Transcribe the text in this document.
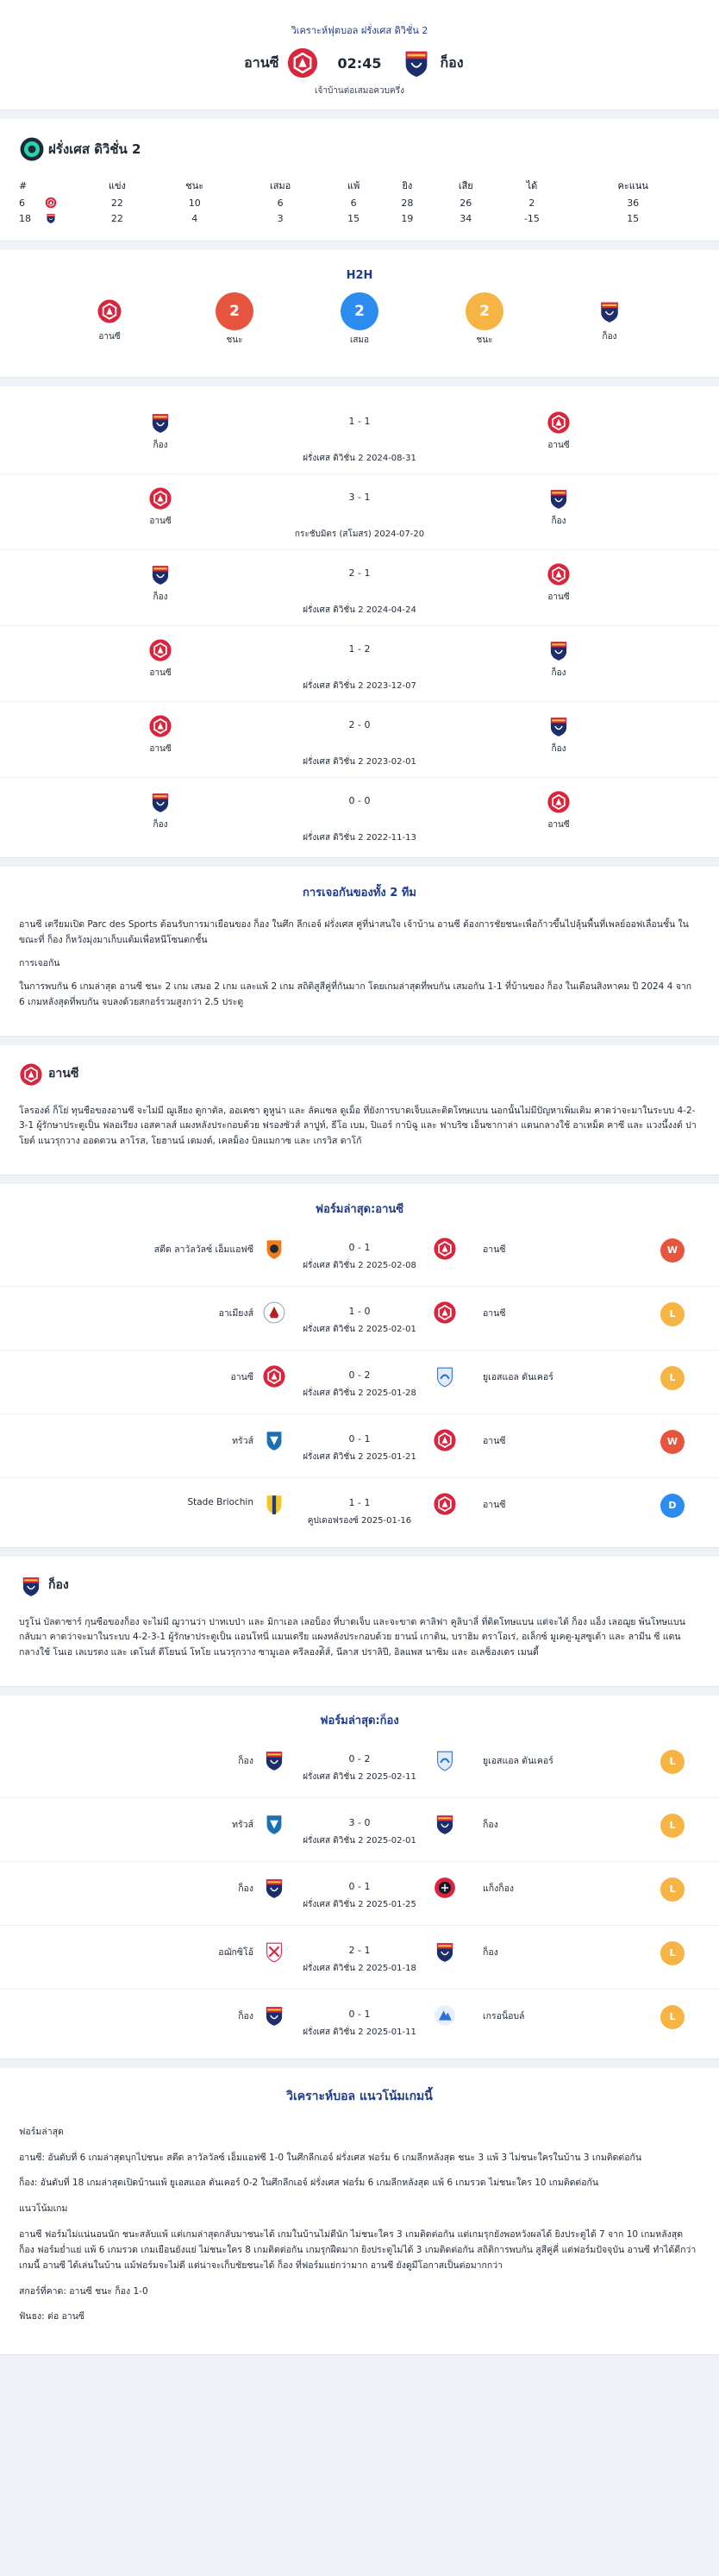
วิเคราะห์ฟุตบอล ฝรั่งเศส ดิวิชั่น 2
อานซี	02:45	ก็อง
เจ้าบ้านต่อเสมอควบครึ่ง
ฝรั่งเศส ดิวิชั่น 2
#		แข่ง	ชนะ	เสมอ	แพ้	ยิง	เสีย	ได้	คะแนน
6		22	10	6	6	28	26	2	36
18		22	4	3	15	19	34	-15	15
H2H
อานซี
2
ชนะ
2
เสมอ
2
ชนะ	ก็อง
ก็อง
1 - 1
อานซี
ฝรั่งเศส ดิวิชั่น 2 2024-08-31
อานซี
3 - 1
ก็อง
กระชับมิตร (สโมสร) 2024-07-20
ก็อง
2 - 1
อานซี
ฝรั่งเศส ดิวิชั่น 2 2024-04-24
อานซี
1 - 2
ก็อง
ฝรั่งเศส ดิวิชั่น 2 2023-12-07
อานซี
2 - 0
ก็อง
ฝรั่งเศส ดิวิชั่น 2 2023-02-01
ก็อง
0 - 0
อานซี
ฝรั่งเศส ดิวิชั่น 2 2022-11-13
การเจอกันของทั้ง 2 ทีม

อานซี เตรียมเปิด Parc des Sports ต้อนรับการมาเยือนของ ก็อง ในศึก ลีกเอจ์ ฝรั่งเศส คู่ที่น่าสนใจ เจ้าบ้าน อานซี ต้องการชัยชนะเพื่อก้าวขึ้นไปลุ้นพื้นที่เพลย์ออฟเลื่อนชั้น ในขณะที่ ก็อง ก็หวังมุ่งมาเก็บแต้มเพื่อหนีโซนตกชั้น

การเจอกัน

ในการพบกัน 6 เกมล่าสุด อานซี ชนะ 2 เกม เสมอ 2 เกม และแพ้ 2 เกม สถิติสูสีคู่ที่กันมาก โดยเกมล่าสุดที่พบกัน เสมอกัน 1-1 ที่บ้านของ ก็อง ในเดือนสิงหาคม ปี 2024 4 จาก 6 เกมหลังสุดที่พบกัน จบลงด้วยสกอร์รวมสูงกว่า 2.5 ประตู

อานซี

โลรองต์ ก็โย่ ทุนชือของอานซี จะไม่มี ฌูเลียง ดูกาตัล, ออเดซา ดูหูน่า และ ลัคแซล ดูเม็อ ที่ยังการบาดเจ็บและติดโทษแบน นอกนั้นไม่มีปัญหาเพิ่มเติม คาดว่าจะมาในระบบ 4-2-3-1 ผู้รักษาประตูเป็น ฟลอเรียง เอสคาลส์ แผงหลังประกอบด้วย ฟรองซัวส์ ลาปูท์, ธีโอ เบม, ปิแอร์ กาบิฉู และ ฟาบริซ เอ็นซากาล่า แดนกลางใช้ อาเหม็ด คาซี และ แวงนึ้งงต์ ปาโยต์ แนวรุกวาง ออดตวน ลาโรส, โยฮานน์ เดมงต์, เคลม็อง บิลแมกาซ และ เกรวิส ดาโกั

ฟอร์มล่าสุด:อานซี
สตีด ลาวัลวัลซ์ เอ็มแอฟซี	0 - 1
ฝรั่งเศส ดิวิชั่น 2 2025-02-08
อานซี	W
อาเมียงส์	1 - 0
ฝรั่งเศส ดิวิชั่น 2 2025-02-01
อานซี	L
อานซี	0 - 2
ฝรั่งเศส ดิวิชั่น 2 2025-01-28
ยูเอสแอล ดันเคอร์	L
ทรัวส์	0 - 1
ฝรั่งเศส ดิวิชั่น 2 2025-01-21
อานซี	W
Stade Briochin	1 - 1
คูปเดอฟรองซ์ 2025-01-16
อานซี	D
ก็อง

บรูโน่ บัลตาซาร์ กุนซือของก็อง จะไม่มี ฌูวานว่า ปาทเบป่า และ มิกาเอล เลอบ็อง ที่บาดเจ็บ และจะขาด คาลิฟา คูลิบาลี่ ที่ติดโทษแบน แต่จะได้ ก็อง แอ็ง เลอฌูย พ้นโทษแบนกลับมา คาดว่าจะมาในระบบ 4-2-3-1 ผู้รักษาประตูเป็น แอนโทนี่ แมนเดรีย แผงหลังประกอบด้วย ยานน์ เกาติน, บราฮิม ตราโอเร่, อเล็กซ์ มูเคตู-มูสซูเต้า และ ลามีน ซี แดนกลางใช้ โนเอ เลเบรตง และ เดโนส์ ดีโยนน์ โทโย แนวรุกวาง ซามูเอล ครีลองต์ิส์, นีลาส ปราลิปี, อิลแพส นาซิม และ อเลซ็องเดร เมนดี้

ฟอร์มล่าสุด:ก็อง
ก็อง	0 - 2
ฝรั่งเศส ดิวิชั่น 2 2025-02-11
ยูเอสแอล ดันเคอร์	L
ทรัวส์	3 - 0
ฝรั่งเศส ดิวิชั่น 2 2025-02-01
ก็อง	L
ก็อง	0 - 1
ฝรั่งเศส ดิวิชั่น 2 2025-01-25
แก็งก็อง	L
อฌักซิโอ้	2 - 1
ฝรั่งเศส ดิวิชั่น 2 2025-01-18
ก็อง	L
ก็อง	0 - 1
ฝรั่งเศส ดิวิชั่น 2 2025-01-11
เกรอน็อบล์	L
วิเคราะห์บอล แนวโน้มเกมนี้

ฟอร์มล่าสุด

อานซี: อันดับที่ 6 เกมล่าสุดบุกไปชนะ สตีด ลาวัลวัลซ์ เอ็มแอฟซี 1-0 ในศึกลีกเอจ์ ฝรั่งเศส ฟอร์ม 6 เกมลีกหลังสุด ชนะ 3 แพ้ 3 ไม่ชนะใครในบ้าน 3 เกมติดต่อกัน

ก็อง: อันดับที่ 18 เกมล่าสุดเปิดบ้านแพ้ ยูเอสแอล ดันเคอร์ 0-2 ในศึกลีกเอจ์ ฝรั่งเศส ฟอร์ม 6 เกมลีกหลังสุด แพ้ 6 เกมรวด ไม่ชนะใคร 10 เกมติดต่อกัน

แนวโน้มเกม

อานซี ฟอร์มไม่แน่นอนนัก ชนะสลับแพ้ แต่เกมล่าสุดกลับมาชนะได้ เกมในบ้านไม่ดีนัก ไม่ชนะใคร 3 เกมติดต่อกัน แต่เกมรุกยังพอหวังผลได้ ยิงประตูได้ 7 จาก 10 เกมหลังสุด ก็อง ฟอร์มย่ำแย่ แพ้ 6 เกมรวด เกมเยือนยังแย่ ไม่ชนะใคร 8 เกมติดต่อกัน เกมรุกฝืดมาก ยิงประตูไม่ได้ 3 เกมติดต่อกัน สถิติการพบกัน สูสีคู่คี่ แต่ฟอร์มปัจจุบัน อานซี ทำได้ดีกว่า เกมนี้ อานซี ได้เล่นในบ้าน แม้ฟอร์มจะไม่ดี แต่น่าจะเก็บชัยชนะได้ ก็อง ที่ฟอร์มแย่กว่ามาก อานซี ยังดูมีโอกาสเป็นต่อมากกว่า

สกอร์ที่คาด: อานซี ชนะ ก็อง 1-0

ฟันธง: ต่อ อานซี
